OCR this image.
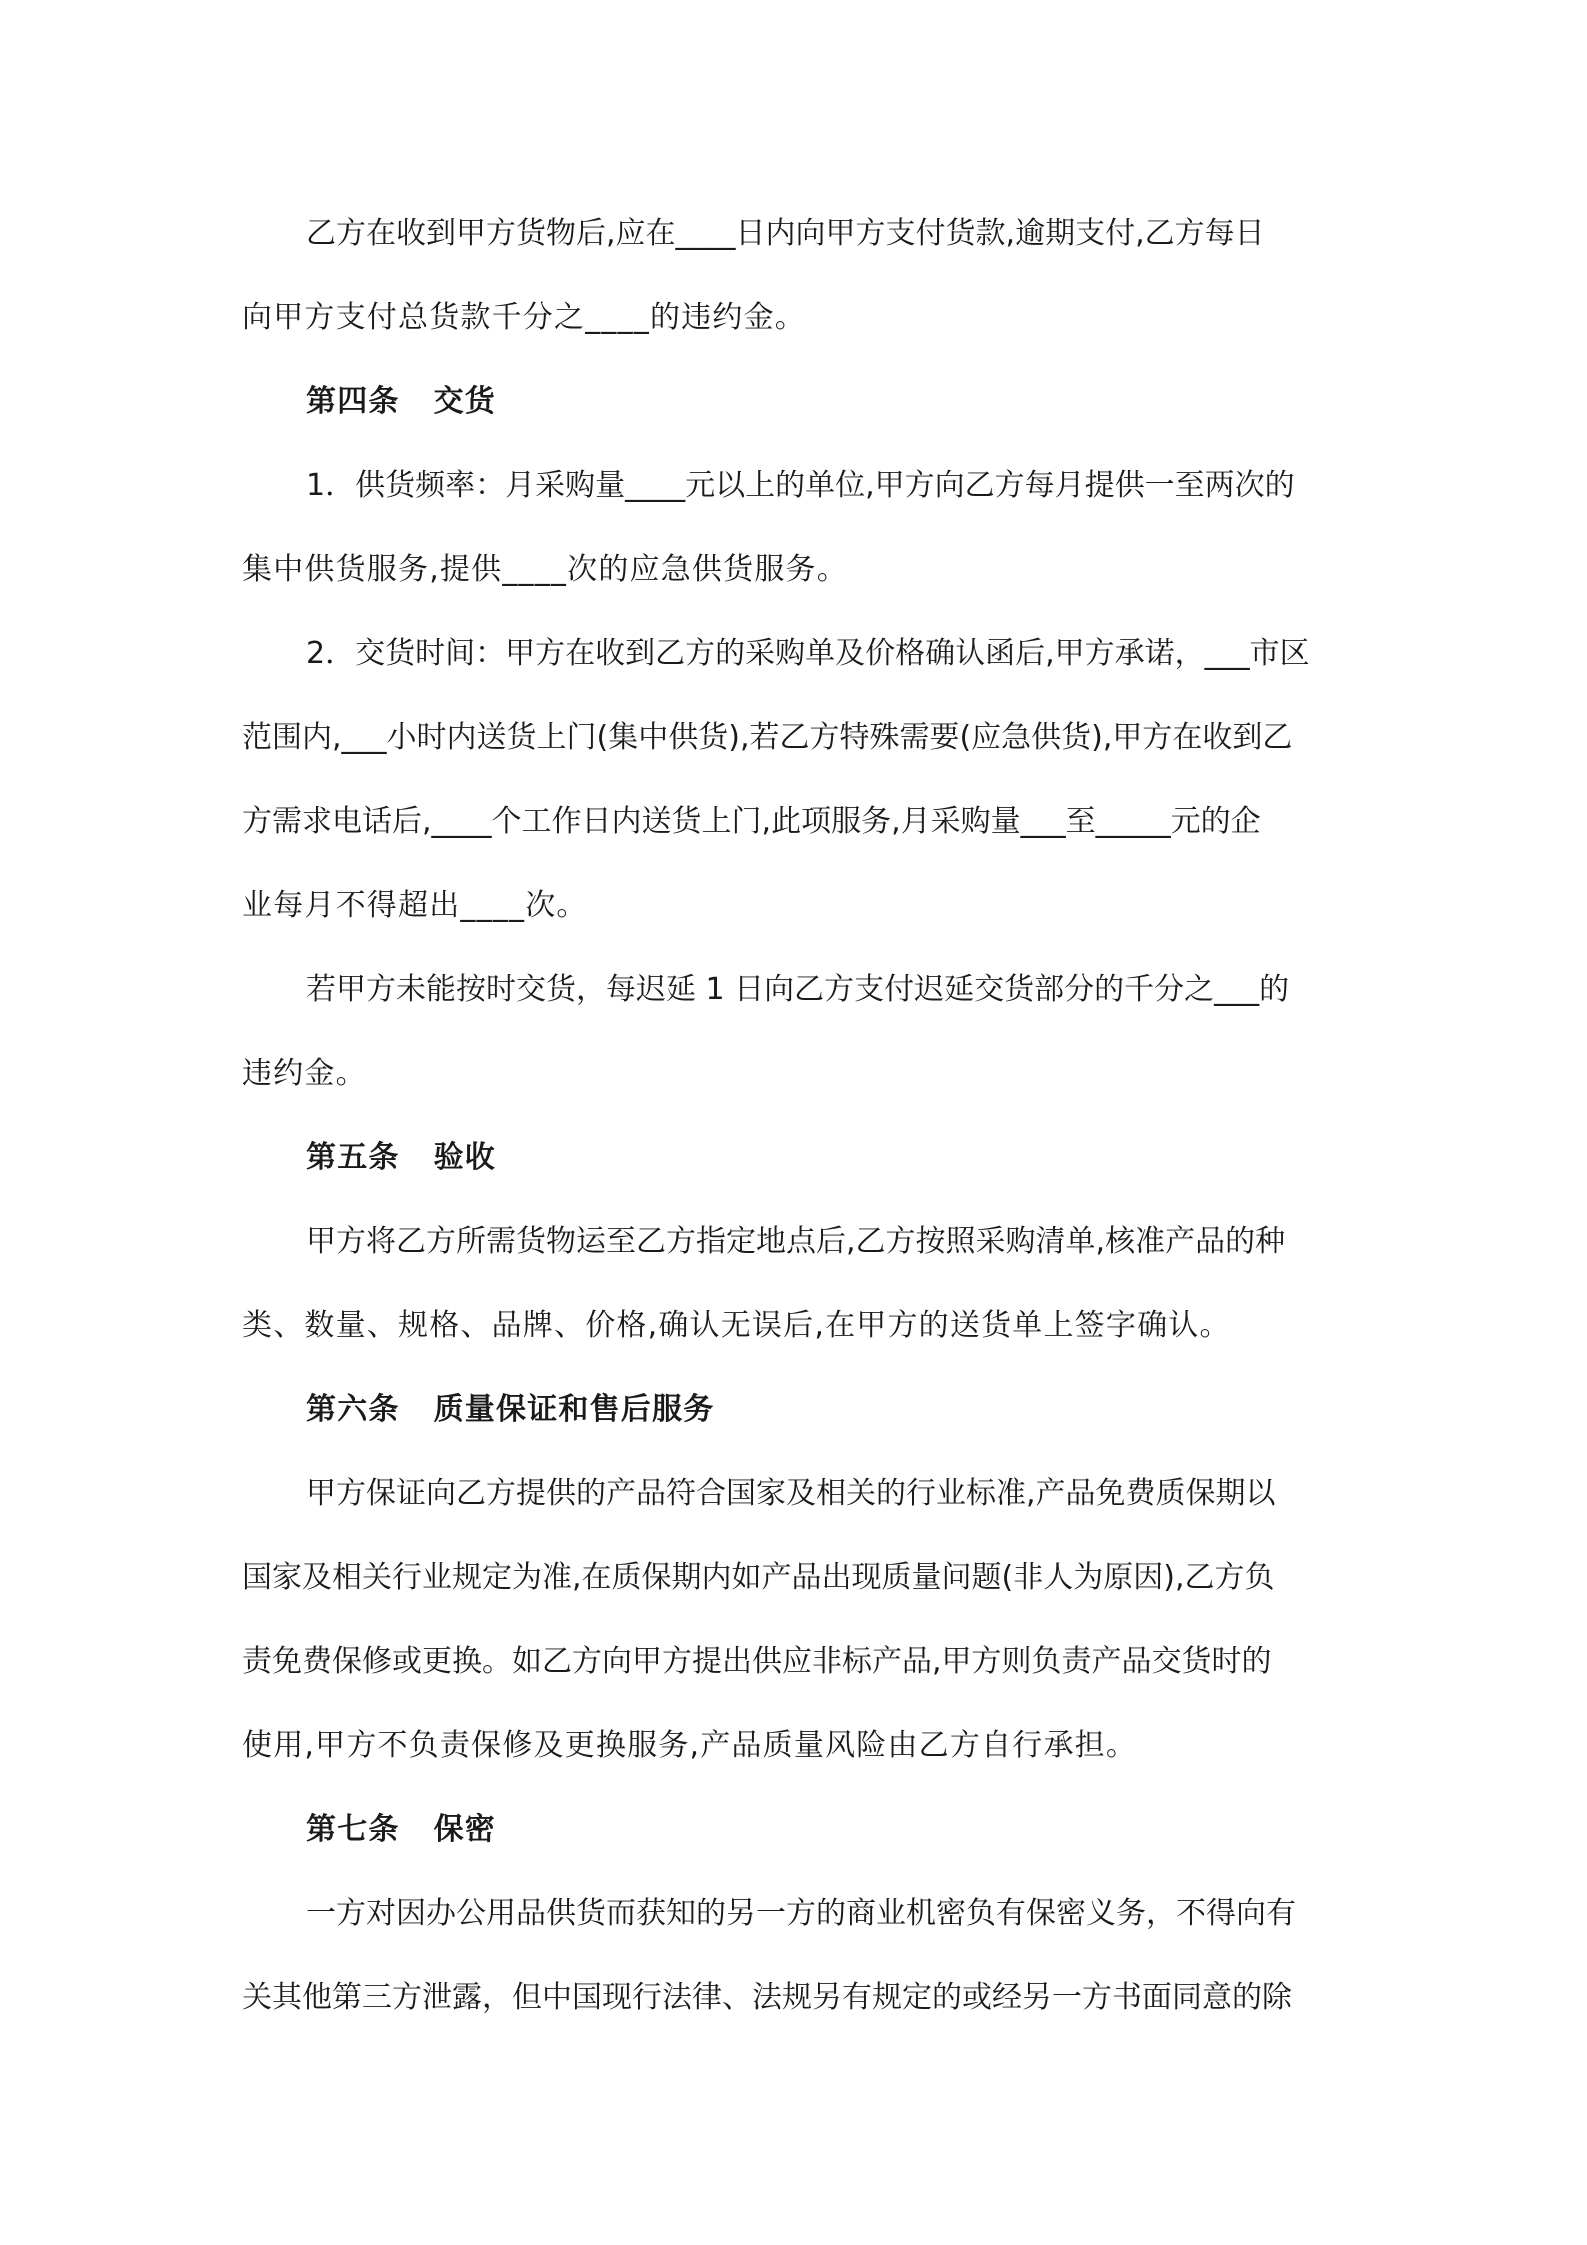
乙方在收到甲方货物后,应在____日内向甲方支付货款,逾期支付,乙方每日
向甲方支付总货款千分之____的违约金。
第四条 交货
1．供货频率：月采购量____元以上的单位,甲方向乙方每月提供一至两次的
集中供货服务,提供____次的应急供货服务。
2．交货时间：甲方在收到乙方的采购单及价格确认函后,甲方承诺，___市区
范围内,___小时内送货上门(集中供货),若乙方特殊需要(应急供货),甲方在收到乙
方需求电话后,____个工作日内送货上门,此项服务,月采购量___至_____元的企
业每月不得超出____次。
若甲方未能按时交货，每迟延 1 日向乙方支付迟延交货部分的千分之___的
违约金。
第五条 验收
甲方将乙方所需货物运至乙方指定地点后,乙方按照采购清单,核准产品的种
类、数量、规格、品牌、价格,确认无误后,在甲方的送货单上签字确认。
第六条 质量保证和售后服务
甲方保证向乙方提供的产品符合国家及相关的行业标准,产品免费质保期以
国家及相关行业规定为准,在质保期内如产品出现质量问题(非人为原因),乙方负
责免费保修或更换。如乙方向甲方提出供应非标产品,甲方则负责产品交货时的
使用,甲方不负责保修及更换服务,产品质量风险由乙方自行承担。
第七条 保密
一方对因办公用品供货而获知的另一方的商业机密负有保密义务，不得向有
关其他第三方泄露，但中国现行法律、法规另有规定的或经另一方书面同意的除
